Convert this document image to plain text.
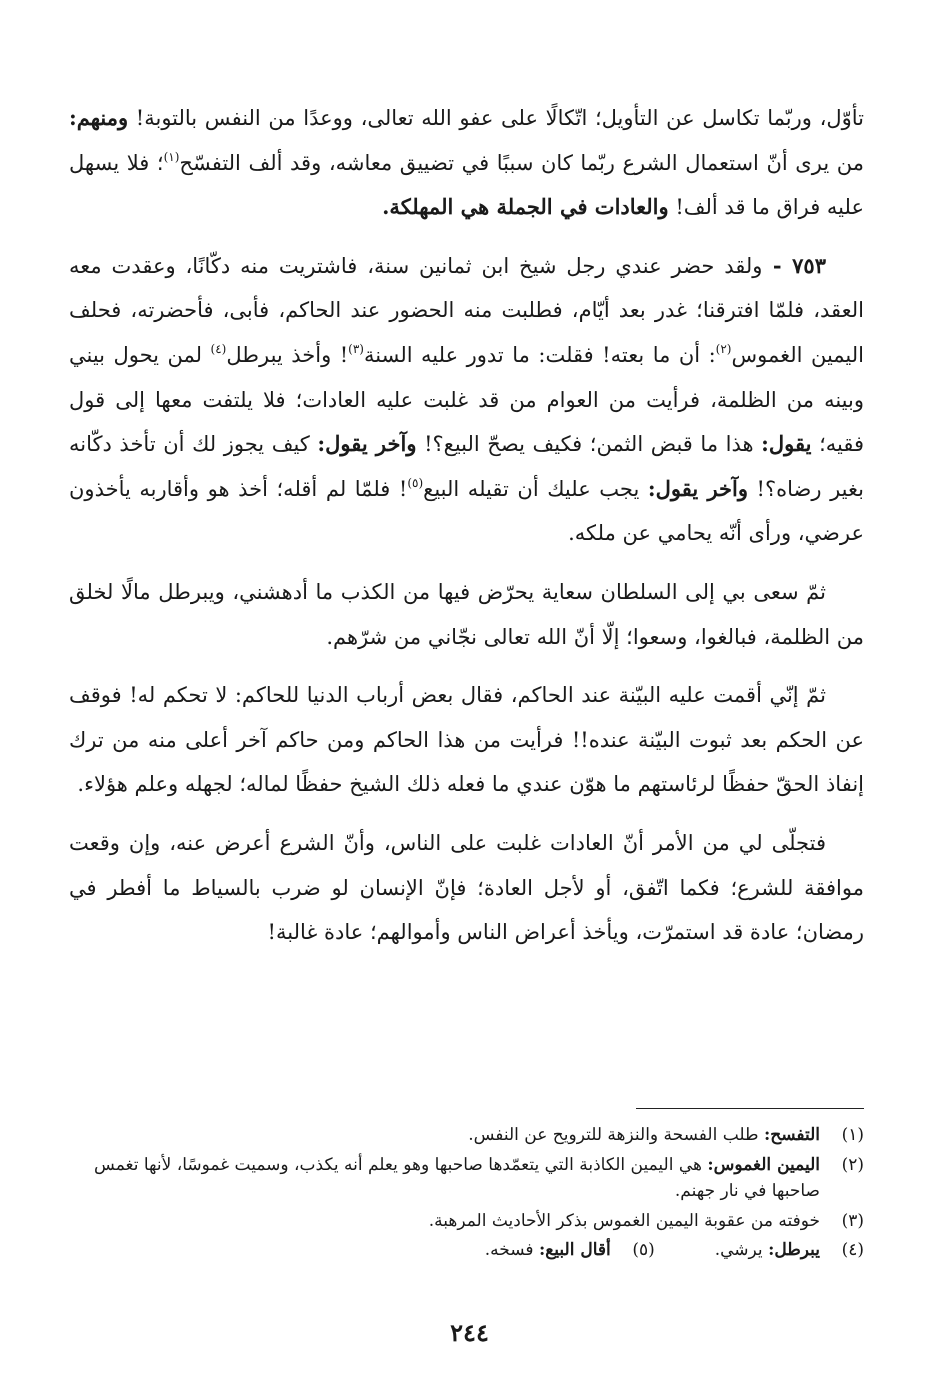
تأوّل، وربّما تكاسل عن التأويل؛ اتّكالًا على عفو الله تعالى، ووعدًا من النفس بالتوبة! ومنهم: من يرى أنّ استعمال الشرع ربّما كان سببًا في تضييق معاشه، وقد ألف التفسّح$^{(١)}$؛ فلا يسهل عليه فراق ما قد ألف! والعادات في الجملة هي المهلكة.

٧٥٣ - ولقد حضر عندي رجل شيخ ابن ثمانين سنة، فاشتريت منه دكّانًا، وعقدت معه العقد، فلمّا افترقنا؛ غدر بعد أيّام، فطلبت منه الحضور عند الحاكم، فأبى، فأحضرته، فحلف اليمين الغموس$^{(٢)}$: أن ما بعته! فقلت: ما تدور عليه السنة$^{(٣)}$! وأخذ يبرطل$^{(٤)}$ لمن يحول بيني وبينه من الظلمة، فرأيت من العوام من قد غلبت عليه العادات؛ فلا يلتفت معها إلى قول فقيه؛ يقول: هذا ما قبض الثمن؛ فكيف يصحّ البيع؟! وآخر يقول: كيف يجوز لك أن تأخذ دكّانه بغير رضاه؟! وآخر يقول: يجب عليك أن تقيله البيع$^{(٥)}$! فلمّا لم أقله؛ أخذ هو وأقاربه يأخذون عرضي، ورأى أنّه يحامي عن ملكه.

ثمّ سعى بي إلى السلطان سعاية يحرّض فيها من الكذب ما أدهشني، ويبرطل مالًا لخلق من الظلمة، فبالغوا، وسعوا؛ إلّا أنّ الله تعالى نجّاني من شرّهم.

ثمّ إنّي أقمت عليه البيّنة عند الحاكم، فقال بعض أرباب الدنيا للحاكم: لا تحكم له! فوقف عن الحكم بعد ثبوت البيّنة عنده!! فرأيت من هذا الحاكم ومن حاكم آخر أعلى منه من ترك إنفاذ الحقّ حفظًا لرئاستهم ما هوّن عندي ما فعله ذلك الشيخ حفظًا لماله؛ لجهله وعلم هؤلاء.

فتجلّى لي من الأمر أنّ العادات غلبت على الناس، وأنّ الشرع أعرض عنه، وإن وقعت موافقة للشرع؛ فكما اتّفق، أو لأجل العادة؛ فإنّ الإنسان لو ضرب بالسياط ما أفطر في رمضان؛ عادة قد استمرّت، ويأخذ أعراض الناس وأموالهم؛ عادة غالبة!

(١)
التفسح: طلب الفسحة والنزهة للترويح عن النفس.
(٢)
اليمين الغموس: هي اليمين الكاذبة التي يتعمّدها صاحبها وهو يعلم أنه يكذب، وسميت غموسًا، لأنها تغمس صاحبها في نار جهنم.
(٣)
خوفته من عقوبة اليمين الغموس بذكر الأحاديث المرهبة.
(٤)
يبرطل: يرشي.
(٥)
أقال البيع: فسخه.
٢٤٤
